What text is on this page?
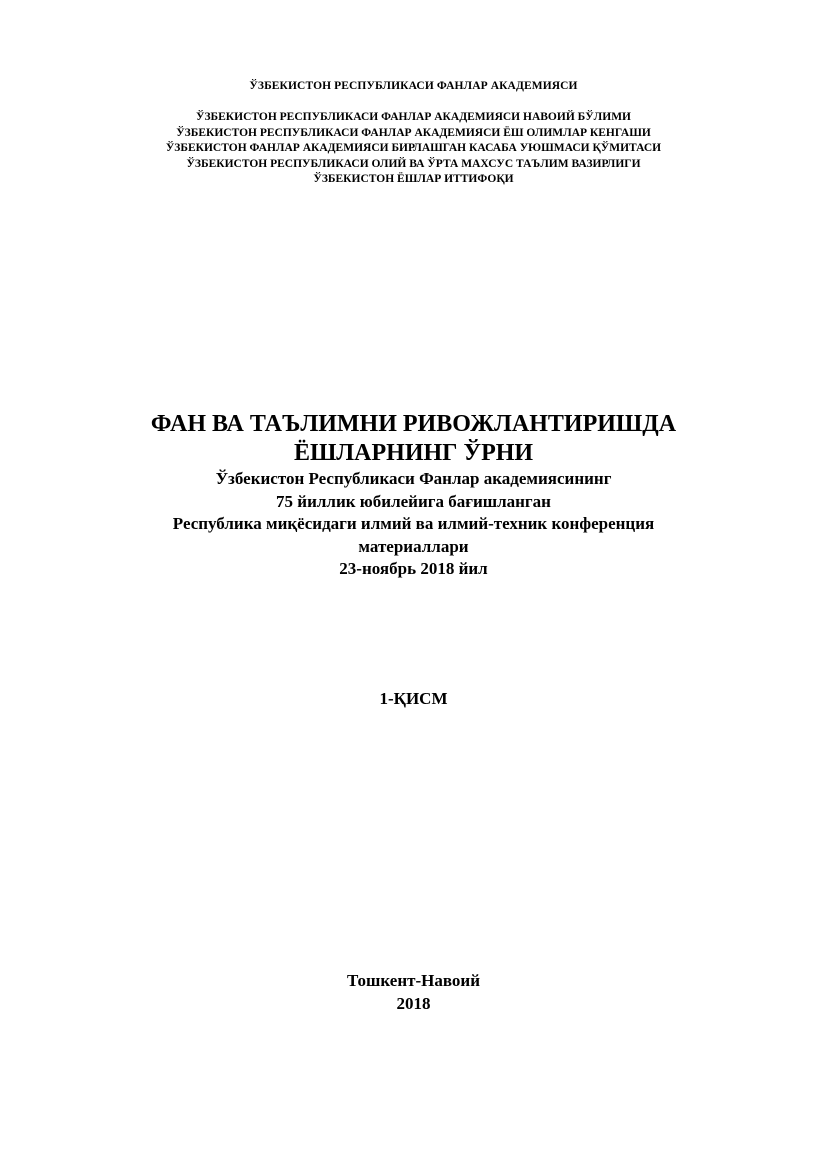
ЎЗБЕКИСТОН РЕСПУБЛИКАСИ ФАНЛАР АКАДЕМИЯСИ
ЎЗБЕКИСТОН РЕСПУБЛИКАСИ ФАНЛАР АКАДЕМИЯСИ НАВОИЙ БЎЛИМИ
ЎЗБЕКИСТОН РЕСПУБЛИКАСИ ФАНЛАР АКАДЕМИЯСИ ЁШ ОЛИМЛАР КЕНГАШИ
ЎЗБЕКИСТОН ФАНЛАР АКАДЕМИЯСИ БИРЛАШГАН КАСАБА УЮШМАСИ ҚЎМИТАСИ
ЎЗБЕКИСТОН РЕСПУБЛИКАСИ ОЛИЙ ВА ЎРТА МАХСУС ТАЪЛИМ ВАЗИРЛИГИ
ЎЗБЕКИСТОН ЁШЛАР ИТТИФОҚИ
ФАН ВА ТАЪЛИМНИ РИВОЖЛАНТИРИШДА
ЁШЛАРНИНГ ЎРНИ
Ўзбекистон Республикаси Фанлар академиясининг
75 йиллик юбилейига бағишланган
Республика миқёсидаги илмий ва илмий-техник конференция
материаллари
23-ноябрь 2018 йил
1-ҚИСМ
Тошкент-Навоий
2018
